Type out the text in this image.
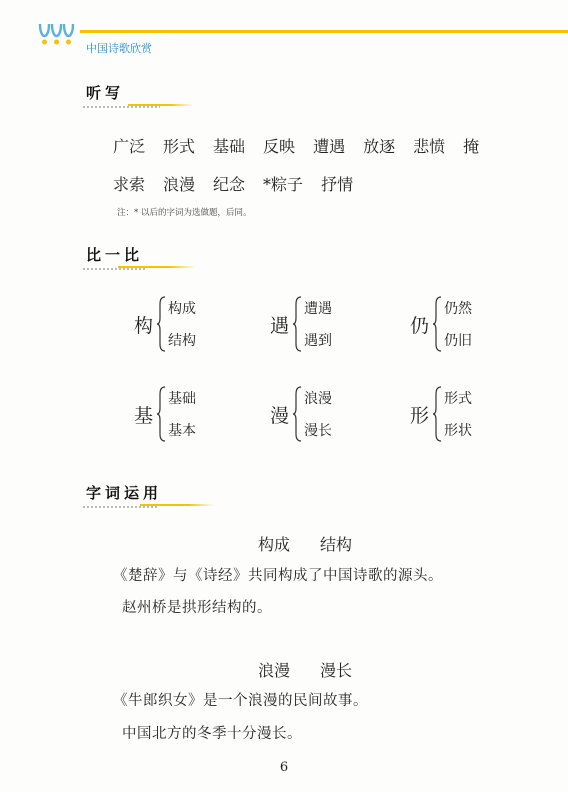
中国诗歌欣赏
听写
广泛 形式 基础 反映 遭遇 放逐 悲愤 掩
求索 浪漫 纪念 *粽子 抒情
注：* 以后的字词为选做题，后同。
比一比
构
构成
结构
遇
遭遇
遇到
仍
仍然
仍旧
基
基础
基本
漫
浪漫
漫长
形
形式
形状
字词运用
构成 结构
《楚辞》与《诗经》共同构成了中国诗歌的源头。
赵州桥是拱形结构的。
浪漫 漫长
《牛郎织女》是一个浪漫的民间故事。
中国北方的冬季十分漫长。
6
